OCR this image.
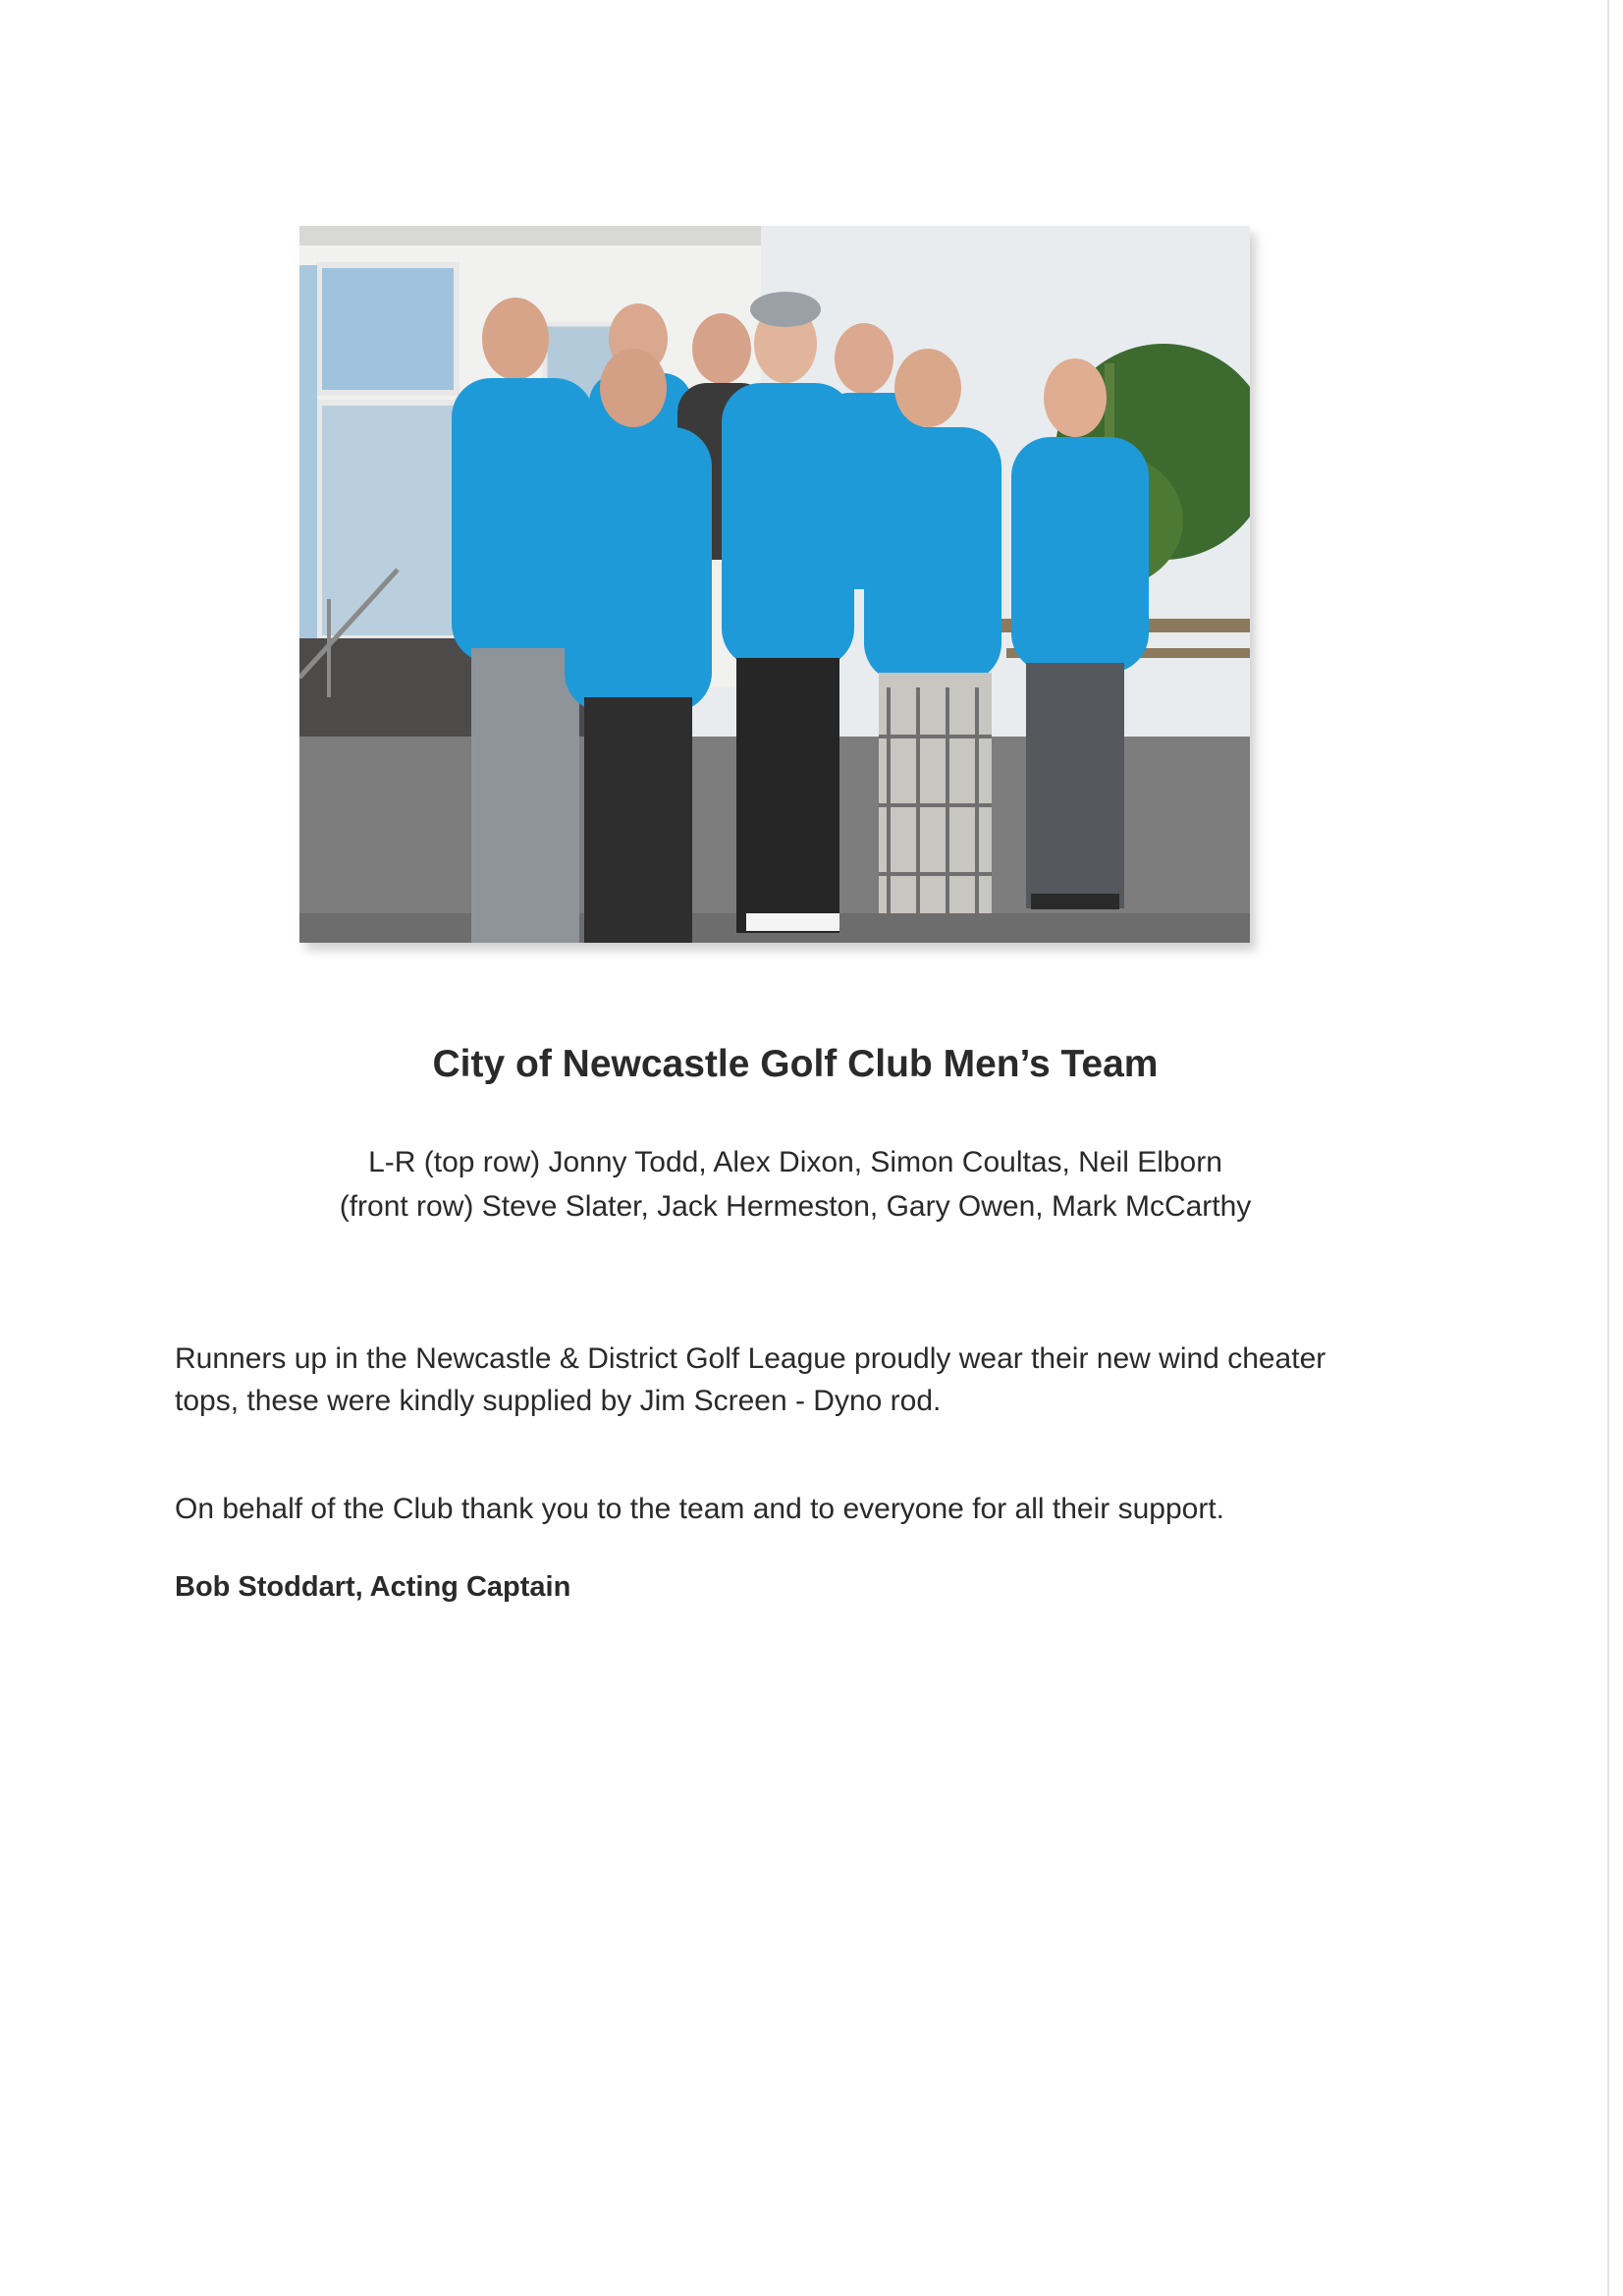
City of Newcastle Golf Club Men’s Team
L-R (top row) Jonny Todd, Alex Dixon, Simon Coultas, Neil Elborn
(front row) Steve Slater, Jack Hermeston, Gary Owen, Mark McCarthy
Runners up in the Newcastle & District Golf League proudly wear their new wind cheater tops, these were kindly supplied by Jim Screen - Dyno rod.
On behalf of the Club thank you to the team and to everyone for all their support.
Bob Stoddart, Acting Captain
